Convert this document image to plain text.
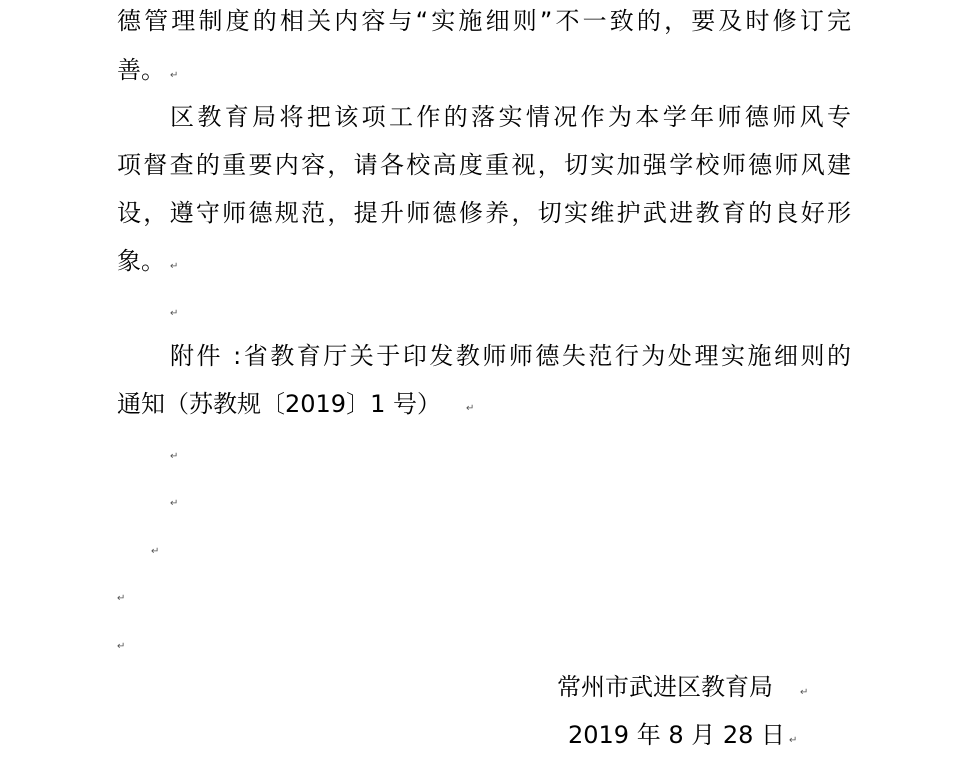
德管理制度的相关内容与“实施细则”不一致的，要及时修订完
善。 ↵
区教育局将把该项工作的落实情况作为本学年师德师风专
项督查的重要内容，请各校高度重视，切实加强学校师德师风建
设，遵守师德规范，提升师德修养，切实维护武进教育的良好形
象。 ↵
↵
附件 :省教育厅关于印发教师师德失范行为处理实施细则的
通知（苏教规〔2019〕1 号）	↵
↵
↵
↵
↵
↵
常州市武进区教育局	↵
2019 年 8 月 28 日 ↵
